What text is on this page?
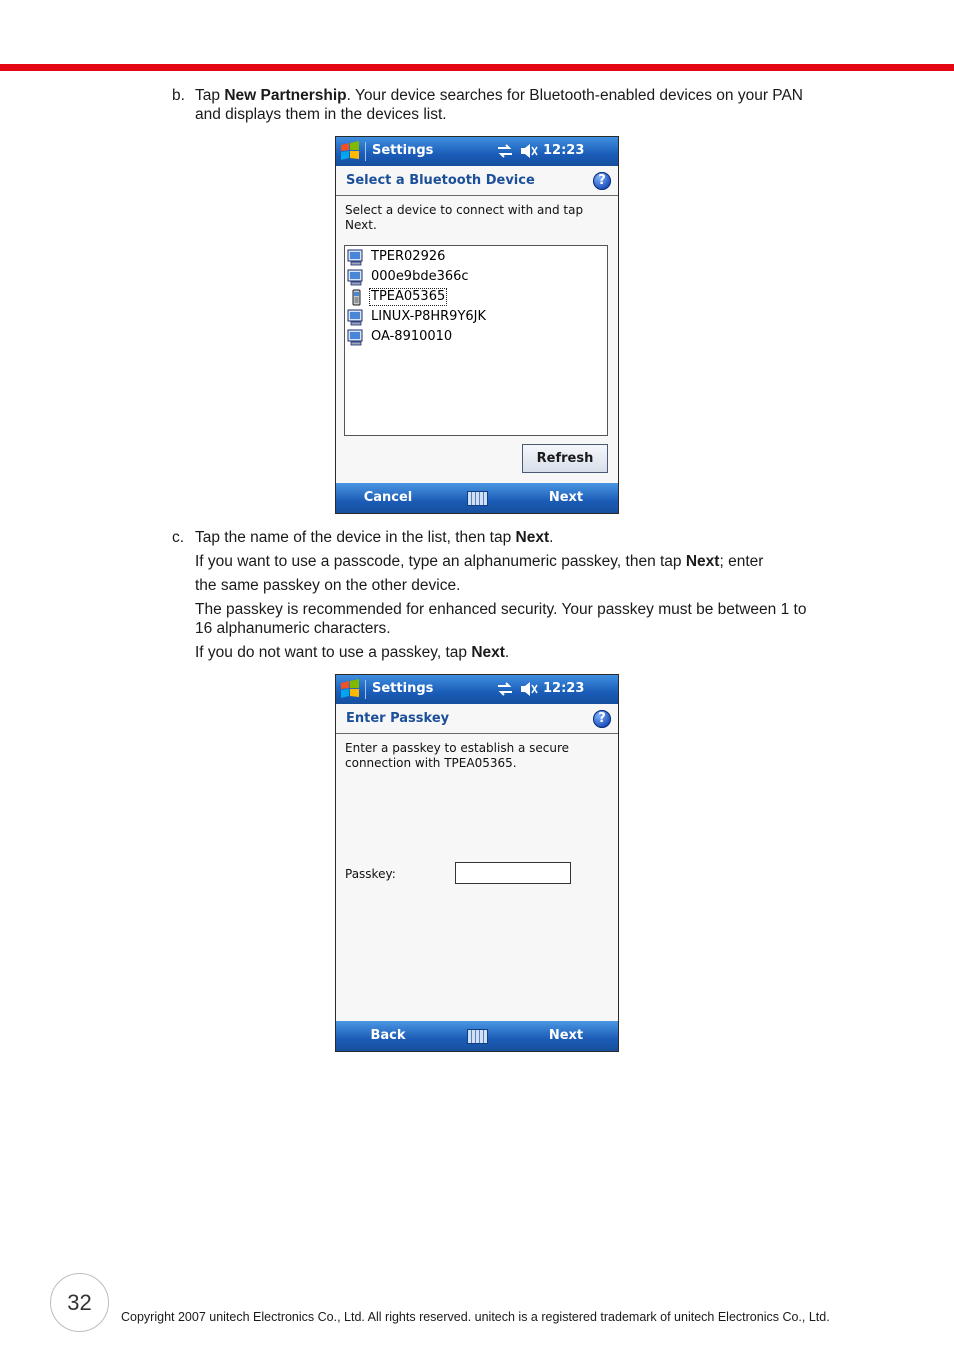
b. Tap New Partnership. Your device searches for Bluetooth-enabled devices on your PAN
and displays them in the devices list.
Settings	12:23
Select a Bluetooth Device	?
Select a device to connect with and tap
Next.
TPER02926
000e9bde366c
TPEA05365
LINUX-P8HR9Y6JK
OA-8910010
Refresh
Cancel	Next
c. Tap the name of the device in the list, then tap Next.
If you want to use a passcode, type an alphanumeric passkey, then tap Next; enter
the same passkey on the other device.
The passkey is recommended for enhanced security. Your passkey must be between 1 to
16 alphanumeric characters.
If you do not want to use a passkey, tap Next.
Settings	12:23
Enter Passkey	?
Enter a passkey to establish a secure
connection with TPEA05365.
Passkey:
Back	Next
32
Copyright 2007 unitech Electronics Co., Ltd. All rights reserved. unitech is a registered trademark of unitech Electronics Co., Ltd.
